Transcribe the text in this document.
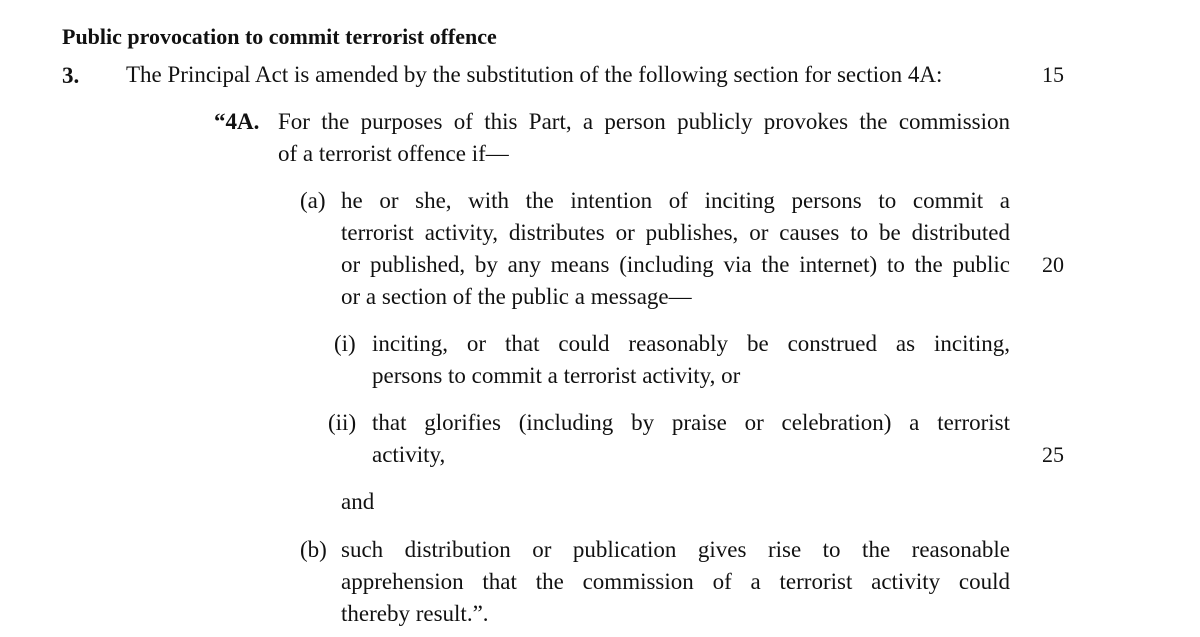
Public provocation to commit terrorist offence
3. The Principal Act is amended by the substitution of the following section for section 4A:	15
“4A. For the purposes of this Part, a person publicly provokes the commission
of a terrorist offence if—
(a) he or she, with the intention of inciting persons to commit a
terrorist activity, distributes or publishes, or causes to be distributed
or published, by any means (including via the internet) to the public 20
or a section of the public a message—
(i) inciting, or that could reasonably be construed as inciting,
persons to commit a terrorist activity, or
(ii) that glorifies (including by praise or celebration) a terrorist
activity,	25
and
(b) such distribution or publication gives rise to the reasonable
apprehension that the commission of a terrorist activity could
thereby result.”.
